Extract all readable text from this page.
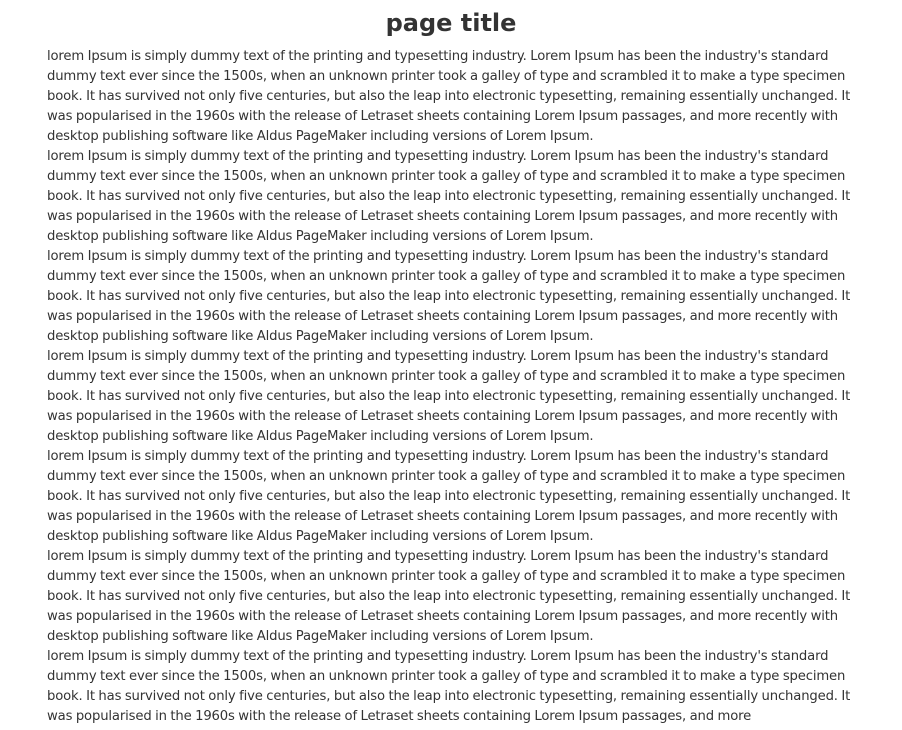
page title

lorem Ipsum is simply dummy text of the printing and typesetting industry. Lorem Ipsum has been the industry's standard dummy text ever since the 1500s, when an unknown printer took a galley of type and scrambled it to make a type specimen book. It has survived not only five centuries, but also the leap into electronic typesetting, remaining essentially unchanged. It was popularised in the 1960s with the release of Letraset sheets containing Lorem Ipsum passages, and more recently with desktop publishing software like Aldus PageMaker including versions of Lorem Ipsum.

lorem Ipsum is simply dummy text of the printing and typesetting industry. Lorem Ipsum has been the industry's standard dummy text ever since the 1500s, when an unknown printer took a galley of type and scrambled it to make a type specimen book. It has survived not only five centuries, but also the leap into electronic typesetting, remaining essentially unchanged. It was popularised in the 1960s with the release of Letraset sheets containing Lorem Ipsum passages, and more recently with desktop publishing software like Aldus PageMaker including versions of Lorem Ipsum.

lorem Ipsum is simply dummy text of the printing and typesetting industry. Lorem Ipsum has been the industry's standard dummy text ever since the 1500s, when an unknown printer took a galley of type and scrambled it to make a type specimen book. It has survived not only five centuries, but also the leap into electronic typesetting, remaining essentially unchanged. It was popularised in the 1960s with the release of Letraset sheets containing Lorem Ipsum passages, and more recently with desktop publishing software like Aldus PageMaker including versions of Lorem Ipsum.

lorem Ipsum is simply dummy text of the printing and typesetting industry. Lorem Ipsum has been the industry's standard dummy text ever since the 1500s, when an unknown printer took a galley of type and scrambled it to make a type specimen book. It has survived not only five centuries, but also the leap into electronic typesetting, remaining essentially unchanged. It was popularised in the 1960s with the release of Letraset sheets containing Lorem Ipsum passages, and more recently with desktop publishing software like Aldus PageMaker including versions of Lorem Ipsum.

lorem Ipsum is simply dummy text of the printing and typesetting industry. Lorem Ipsum has been the industry's standard dummy text ever since the 1500s, when an unknown printer took a galley of type and scrambled it to make a type specimen book. It has survived not only five centuries, but also the leap into electronic typesetting, remaining essentially unchanged. It was popularised in the 1960s with the release of Letraset sheets containing Lorem Ipsum passages, and more recently with desktop publishing software like Aldus PageMaker including versions of Lorem Ipsum.

lorem Ipsum is simply dummy text of the printing and typesetting industry. Lorem Ipsum has been the industry's standard dummy text ever since the 1500s, when an unknown printer took a galley of type and scrambled it to make a type specimen book. It has survived not only five centuries, but also the leap into electronic typesetting, remaining essentially unchanged. It was popularised in the 1960s with the release of Letraset sheets containing Lorem Ipsum passages, and more recently with desktop publishing software like Aldus PageMaker including versions of Lorem Ipsum.

lorem Ipsum is simply dummy text of the printing and typesetting industry. Lorem Ipsum has been the industry's standard dummy text ever since the 1500s, when an unknown printer took a galley of type and scrambled it to make a type specimen book. It has survived not only five centuries, but also the leap into electronic typesetting, remaining essentially unchanged. It was popularised in the 1960s with the release of Letraset sheets containing Lorem Ipsum passages, and more
